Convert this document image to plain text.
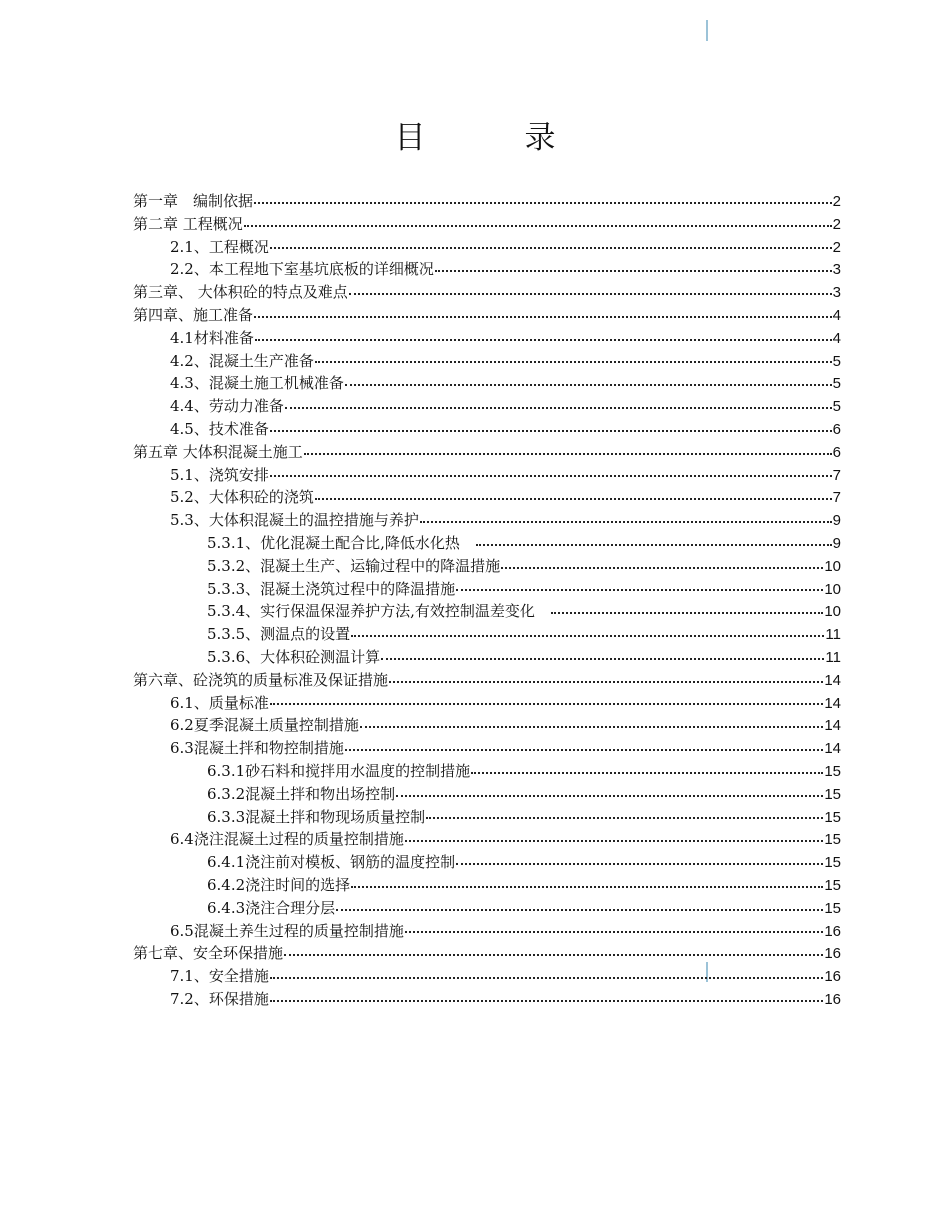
目　录
第一章　编制依据	2
第二章 工程概况	2
2.1、工程概况	2
2.2、本工程地下室基坑底板的详细概况	3
第三章、 大体积砼的特点及难点	3
第四章、施工准备	4
4.1材料准备	4
4.2、混凝土生产准备	5
4.3、混凝土施工机械准备	5
4.4、劳动力准备	5
4.5、技术准备	6
第五章 大体积混凝土施工	6
5.1、浇筑安排	7
5.2、大体积砼的浇筑	7
5.3、大体积混凝土的温控措施与养护	9
5.3.1、优化混凝土配合比,降低水化热　	9
5.3.2、混凝土生产、运输过程中的降温措施	10
5.3.3、混凝土浇筑过程中的降温措施	10
5.3.4、实行保温保湿养护方法,有效控制温差变化　	10
5.3.5、测温点的设置	11
5.3.6、大体积砼测温计算	11
第六章、砼浇筑的质量标准及保证措施	14
6.1、质量标准	14
6.2夏季混凝土质量控制措施	14
6.3混凝土拌和物控制措施	14
6.3.1砂石料和搅拌用水温度的控制措施	15
6.3.2混凝土拌和物出场控制	15
6.3.3混凝土拌和物现场质量控制	15
6.4浇注混凝土过程的质量控制措施	15
6.4.1浇注前对模板、钢筋的温度控制	15
6.4.2浇注时间的选择	15
6.4.3浇注合理分层	15
6.5混凝土养生过程的质量控制措施	16
第七章、安全环保措施	16
7.1、安全措施	16
7.2、环保措施	16
